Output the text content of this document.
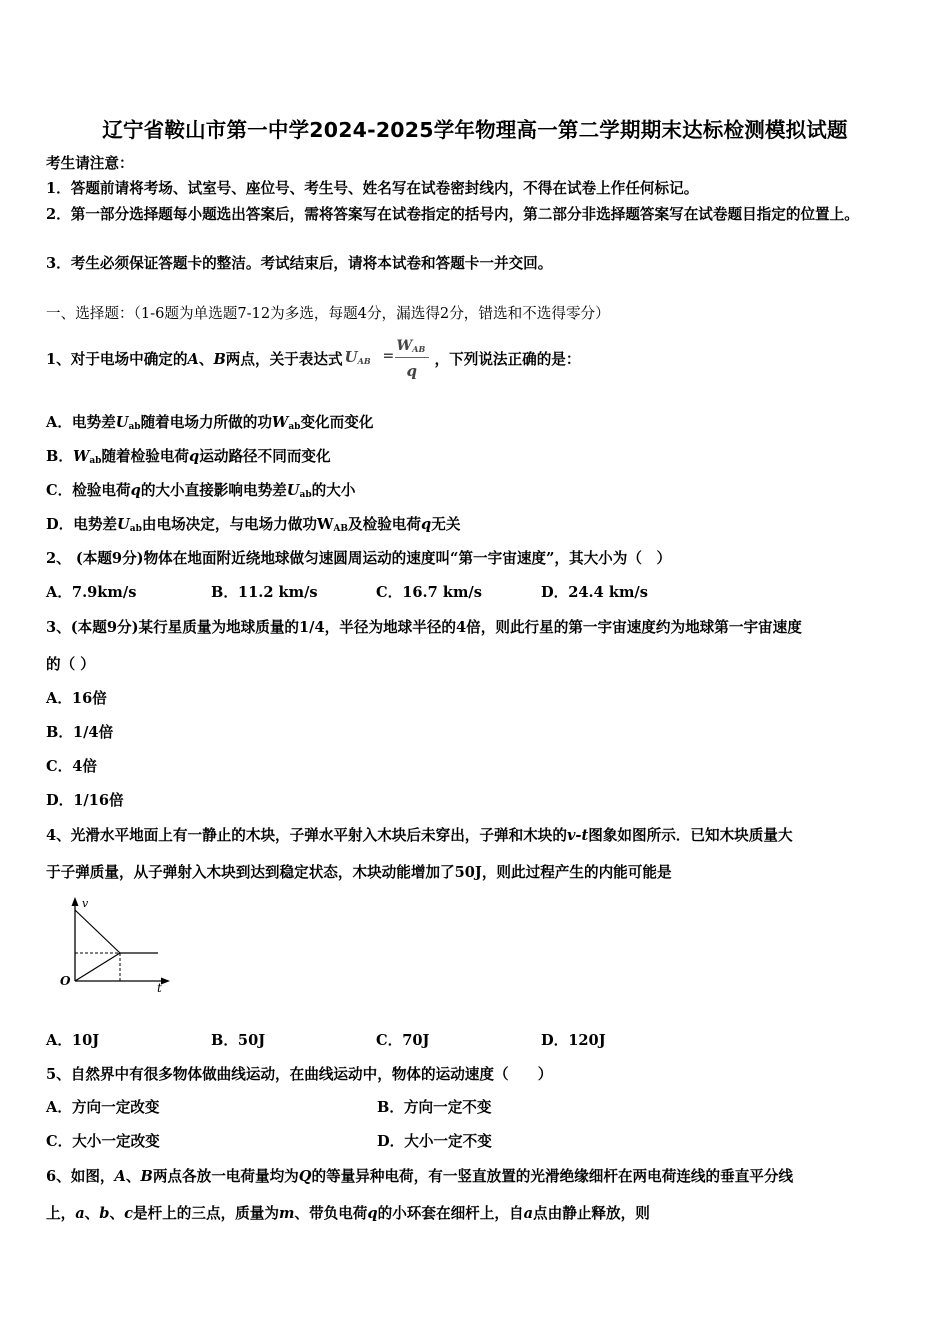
辽宁省鞍山市第一中学2024-2025学年物理高一第二学期期末达标检测模拟试题
考生请注意：
1．答题前请将考场、试室号、座位号、考生号、姓名写在试卷密封线内，不得在试卷上作任何标记。
2．第一部分选择题每小题选出答案后，需将答案写在试卷指定的括号内，第二部分非选择题答案写在试卷题目指定的位置上。
3．考生必须保证答题卡的整洁。考试结束后，请将本试卷和答题卡一并交回。
一、选择题：（1-6题为单选题7-12为多选，每题4分，漏选得2分，错选和不选得零分）
1、对于电场中确定的A、B两点，关于表达式 $U_{AB}$ =
$W_{AB}$
q
，下列说法正确的是：
A．电势差$U_{ab}$随着电场力所做的功$W_{ab}$变化而变化
B．$W_{ab}$随着检验电荷q运动路径不同而变化
C．检验电荷q的大小直接影响电势差$U_{ab}$的大小
D．电势差$U_{ab}$由电场决定，与电场力做功$W_{AB}$及检验电荷q无关
2、 (本题9分)物体在地面附近绕地球做匀速圆周运动的速度叫“第一宇宙速度”，其大小为（　）
A．7.9km/s	B．11.2 km/s	C．16.7 km/s	D．24.4 km/s
3、(本题9分)某行星质量为地球质量的1/4，半径为地球半径的4倍，则此行星的第一宇宙速度约为地球第一宇宙速度
的（ ）
A．16倍
B．1/4倍
C．4倍
D．1/16倍
4、光滑水平地面上有一静止的木块，子弹水平射入木块后未穿出，子弹和木块的v-t图象如图所示．已知木块质量大
于子弹质量，从子弹射入木块到达到稳定状态，木块动能增加了50J，则此过程产生的内能可能是
v
t
O
A．10J	B．50J	C．70J	D．120J
5、自然界中有很多物体做曲线运动，在曲线运动中，物体的运动速度（　　）
A．方向一定改变	B．方向一定不变
C．大小一定改变	D．大小一定不变
6、如图，A、B两点各放一电荷量均为Q的等量异种电荷，有一竖直放置的光滑绝缘细杆在两电荷连线的垂直平分线
上，a、b、c是杆上的三点，质量为m、带负电荷q的小环套在细杆上，自a点由静止释放，则
